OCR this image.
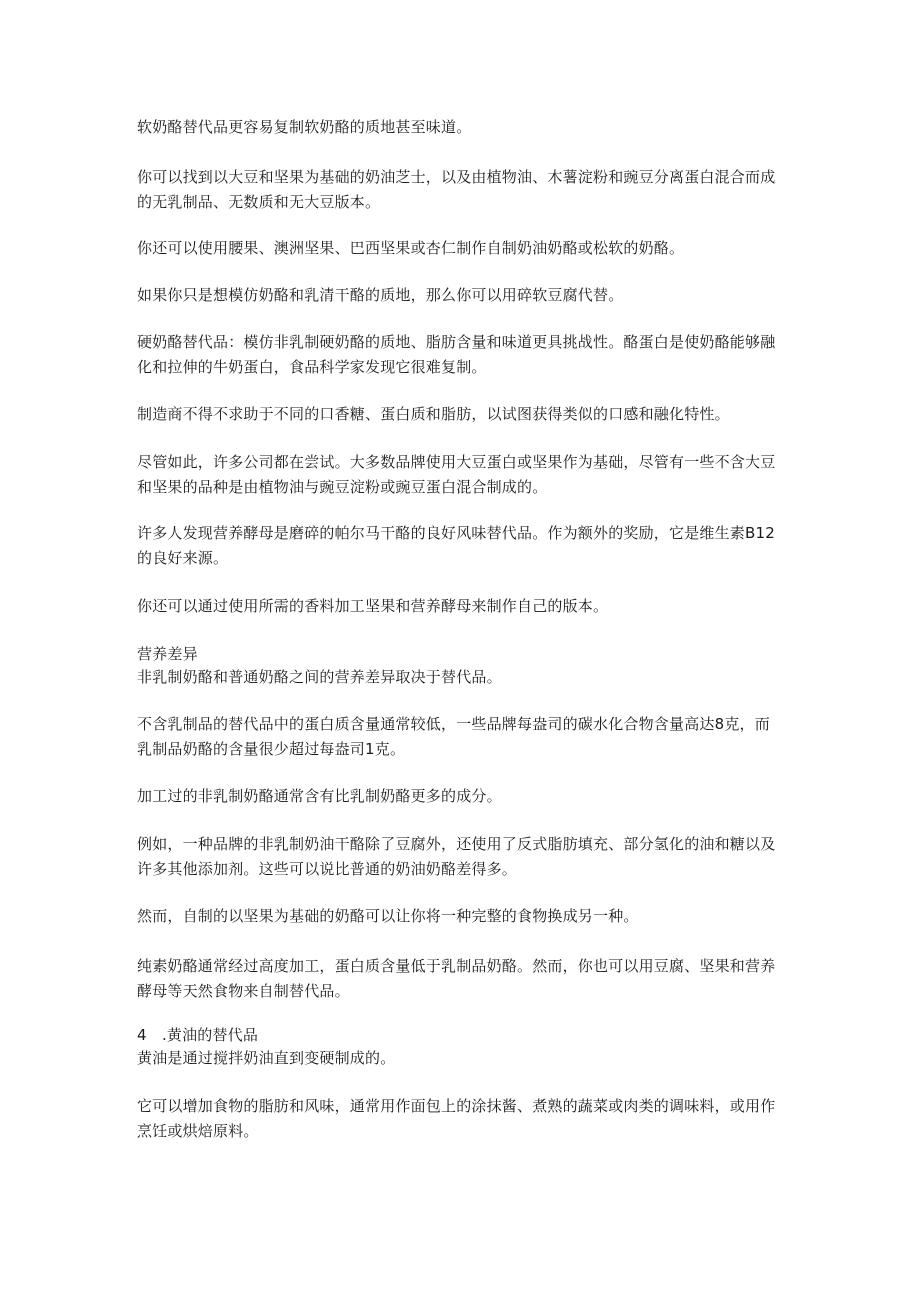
软奶酪替代品更容易复制软奶酪的质地甚至味道。

你可以找到以大豆和坚果为基础的奶油芝士，以及由植物油、木薯淀粉和豌豆分离蛋白混合而成的无乳制品、无数质和无大豆版本。

你还可以使用腰果、澳洲坚果、巴西坚果或杏仁制作自制奶油奶酪或松软的奶酪。

如果你只是想模仿奶酪和乳清干酪的质地，那么你可以用碎软豆腐代替。

硬奶酪替代品：模仿非乳制硬奶酪的质地、脂肪含量和味道更具挑战性。酪蛋白是使奶酪能够融化和拉伸的牛奶蛋白，食品科学家发现它很难复制。

制造商不得不求助于不同的口香糖、蛋白质和脂肪，以试图获得类似的口感和融化特性。

尽管如此，许多公司都在尝试。大多数品牌使用大豆蛋白或坚果作为基础，尽管有一些不含大豆和坚果的品种是由植物油与豌豆淀粉或豌豆蛋白混合制成的。

许多人发现营养酵母是磨碎的帕尔马干酪的良好风味替代品。作为额外的奖励，它是维生素B12的良好来源。

你还可以通过使用所需的香料加工坚果和营养酵母来制作自己的版本。

营养差异

非乳制奶酪和普通奶酪之间的营养差异取决于替代品。

不含乳制品的替代品中的蛋白质含量通常较低，一些品牌每盎司的碳水化合物含量高达8克，而乳制品奶酪的含量很少超过每盎司1克。

加工过的非乳制奶酪通常含有比乳制奶酪更多的成分。

例如，一种品牌的非乳制奶油干酪除了豆腐外，还使用了反式脂肪填充、部分氢化的油和糖以及许多其他添加剂。这些可以说比普通的奶油奶酪差得多。

然而，自制的以坚果为基础的奶酪可以让你将一种完整的食物换成另一种。

纯素奶酪通常经过高度加工，蛋白质含量低于乳制品奶酪。然而，你也可以用豆腐、坚果和营养酵母等天然食物来自制替代品。

4　.黄油的替代品

黄油是通过搅拌奶油直到变硬制成的。

它可以增加食物的脂肪和风味，通常用作面包上的涂抹酱、煮熟的蔬菜或肉类的调味料，或用作烹饪或烘焙原料。
